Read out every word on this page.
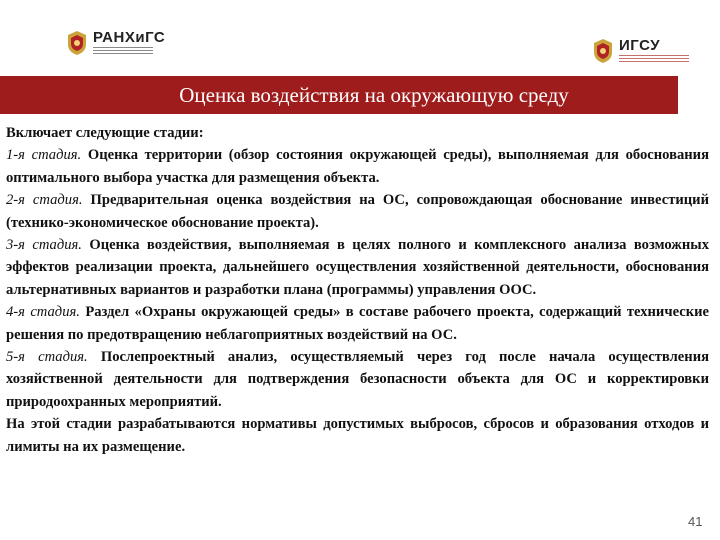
РАНХиГС	ИГСУ
Оценка воздействия на окружающую среду

Включает следующие стадии:

1-я стадия. Оценка территории (обзор состояния окружающей среды), выполняемая для обоснования оптимального выбора участка для размещения объекта.

2-я стадия. Предварительная оценка воздействия на ОС, сопровождающая обоснование инвестиций (технико-экономическое обоснование проекта).

3-я стадия. Оценка воздействия, выполняемая в целях полного и комплексного анализа возможных эффектов реализации проекта, дальнейшего осуществления хозяйственной деятельности, обоснования альтернативных вариантов и разработки плана (программы) управления ООС.

4-я стадия. Раздел «Охраны окружающей среды» в составе рабочего проекта, содержащий технические решения по предотвращению неблагоприятных воздействий на ОС.

5-я стадия. Послепроектный анализ, осуществляемый через год после начала осуществления хозяйственной деятельности для подтверждения безопасности объекта для ОС и корректировки природоохранных мероприятий.

На этой стадии разрабатываются нормативы допустимых выбросов, сбросов и образования отходов и лимиты на их размещение.

41
